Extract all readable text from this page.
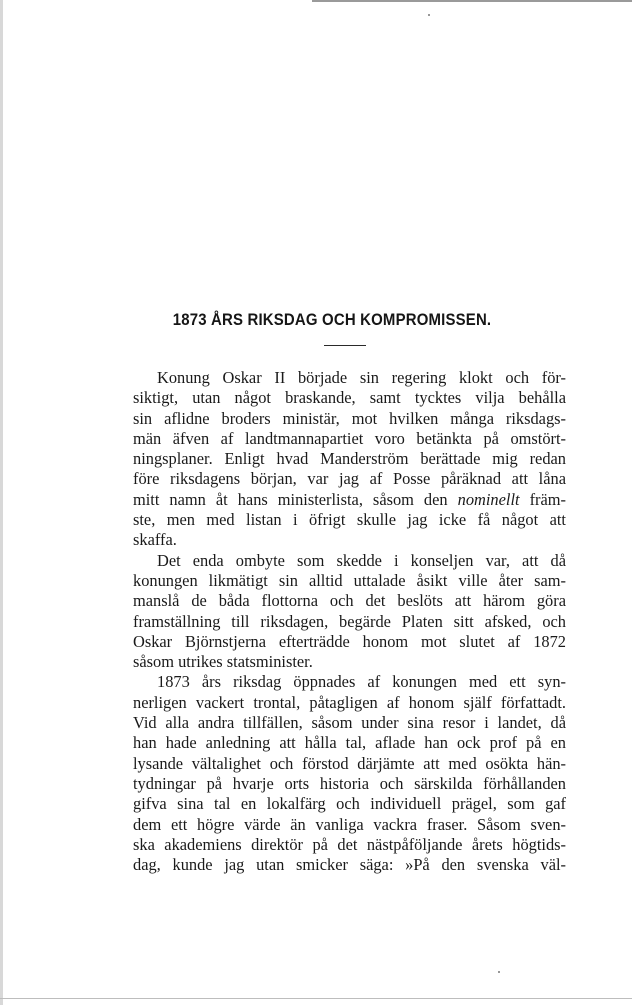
1873 ÅRS RIKSDAG OCH KOMPROMISSEN.
Konung Oskar II började sin regering klokt och för-
siktigt, utan något braskande, samt tycktes vilja behålla
sin aflidne broders ministär, mot hvilken många riksdags-
män äfven af landtmannapartiet voro betänkta på omstört-
ningsplaner. Enligt hvad Manderström berättade mig redan
före riksdagens början, var jag af Posse påräknad att låna
mitt namn åt hans ministerlista, såsom den nominellt främ-
ste, men med listan i öfrigt skulle jag icke få något att
skaffa.
Det enda ombyte som skedde i konseljen var, att då
konungen likmätigt sin alltid uttalade åsikt ville åter sam-
manslå de båda flottorna och det beslöts att härom göra
framställning till riksdagen, begärde Platen sitt afsked, och
Oskar Björnstjerna efterträdde honom mot slutet af 1872
såsom utrikes statsminister.
1873 års riksdag öppnades af konungen med ett syn-
nerligen vackert trontal, påtagligen af honom själf författadt.
Vid alla andra tillfällen, såsom under sina resor i landet, då
han hade anledning att hålla tal, aflade han ock prof på en
lysande vältalighet och förstod därjämte att med osökta hän-
tydningar på hvarje orts historia och särskilda förhållanden
gifva sina tal en lokalfärg och individuell prägel, som gaf
dem ett högre värde än vanliga vackra fraser. Såsom sven-
ska akademiens direktör på det nästpåföljande årets högtids-
dag, kunde jag utan smicker säga: »På den svenska väl-
